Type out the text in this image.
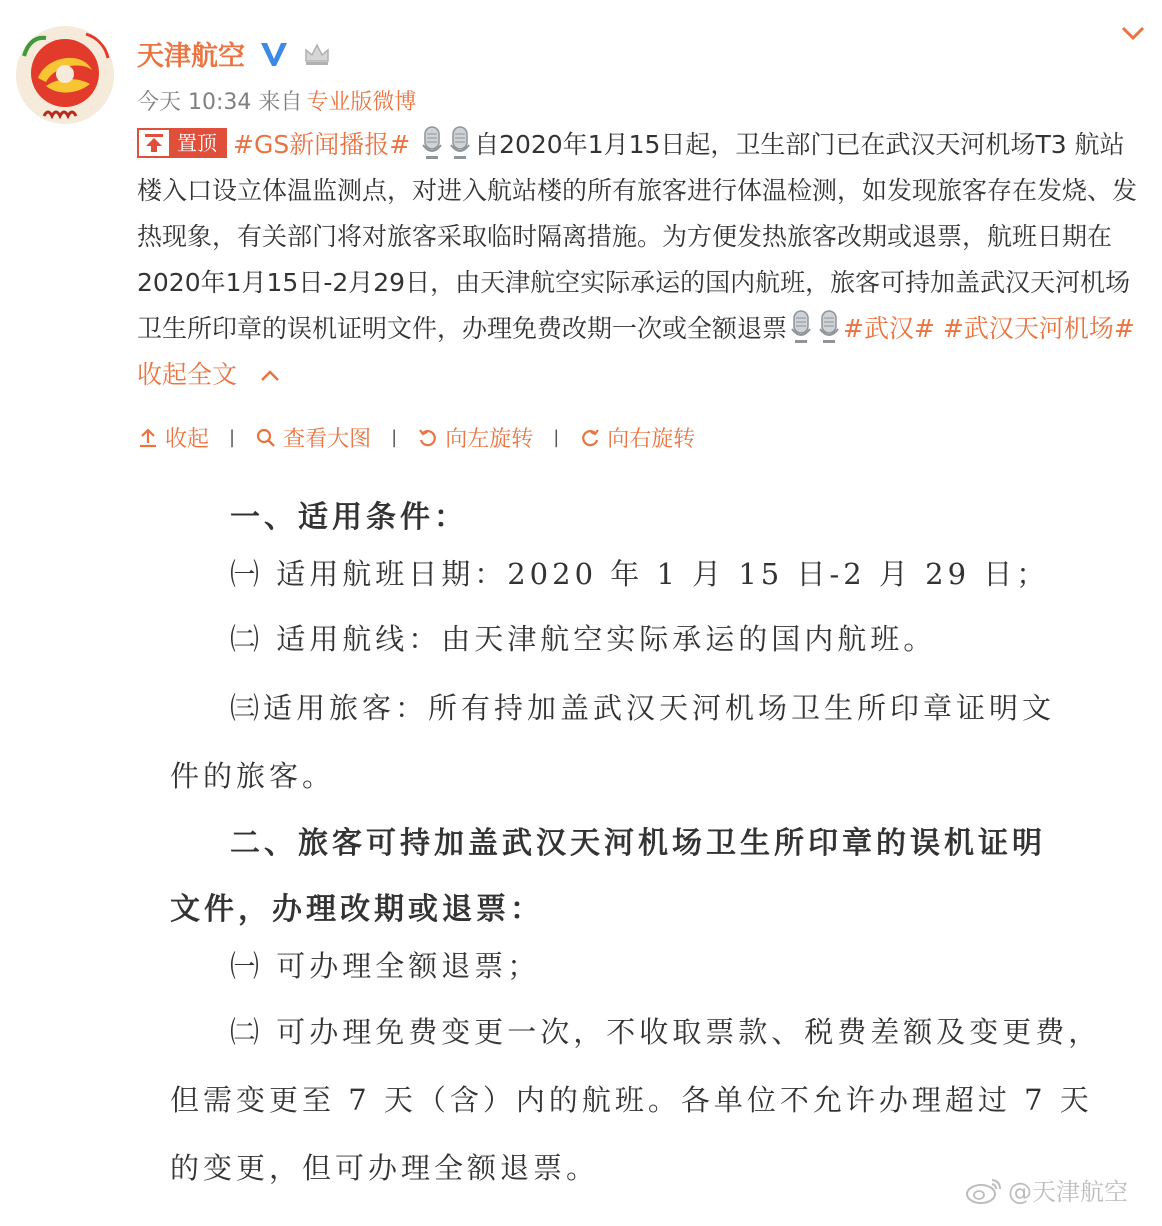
天津航空
今天 10:34 来自 专业版微博
置顶 #GS新闻播报#	自2020年1月15日起，卫生部门已在武汉天河机场T3 航站楼入口设立体温监测点，对进入航站楼的所有旅客进行体温检测，如发现旅客存在发烧、发热现象，有关部门将对旅客采取临时隔离措施。为方便发热旅客改期或退票，航班日期在2020年1月15日-2月29日，由天津航空实际承运的国内航班，旅客可持加盖武汉天河机场卫生所印章的误机证明文件，办理免费改期一次或全额退票 #武汉# #武汉天河机场# 收起全文
收起 | 查看大图 | 向左旋转 | 向右旋转
一、适用条件：
㈠ 适用航班日期：2020 年 1 月 15 日-2 月 29 日；
㈡ 适用航线：由天津航空实际承运的国内航班。
㈢适用旅客：所有持加盖武汉天河机场卫生所印章证明文
件的旅客。
二、旅客可持加盖武汉天河机场卫生所印章的误机证明
文件，办理改期或退票：
㈠ 可办理全额退票；
㈡ 可办理免费变更一次，不收取票款、税费差额及变更费，
但需变更至 7 天（含）内的航班。各单位不允许办理超过 7 天
的变更，但可办理全额退票。
@天津航空
